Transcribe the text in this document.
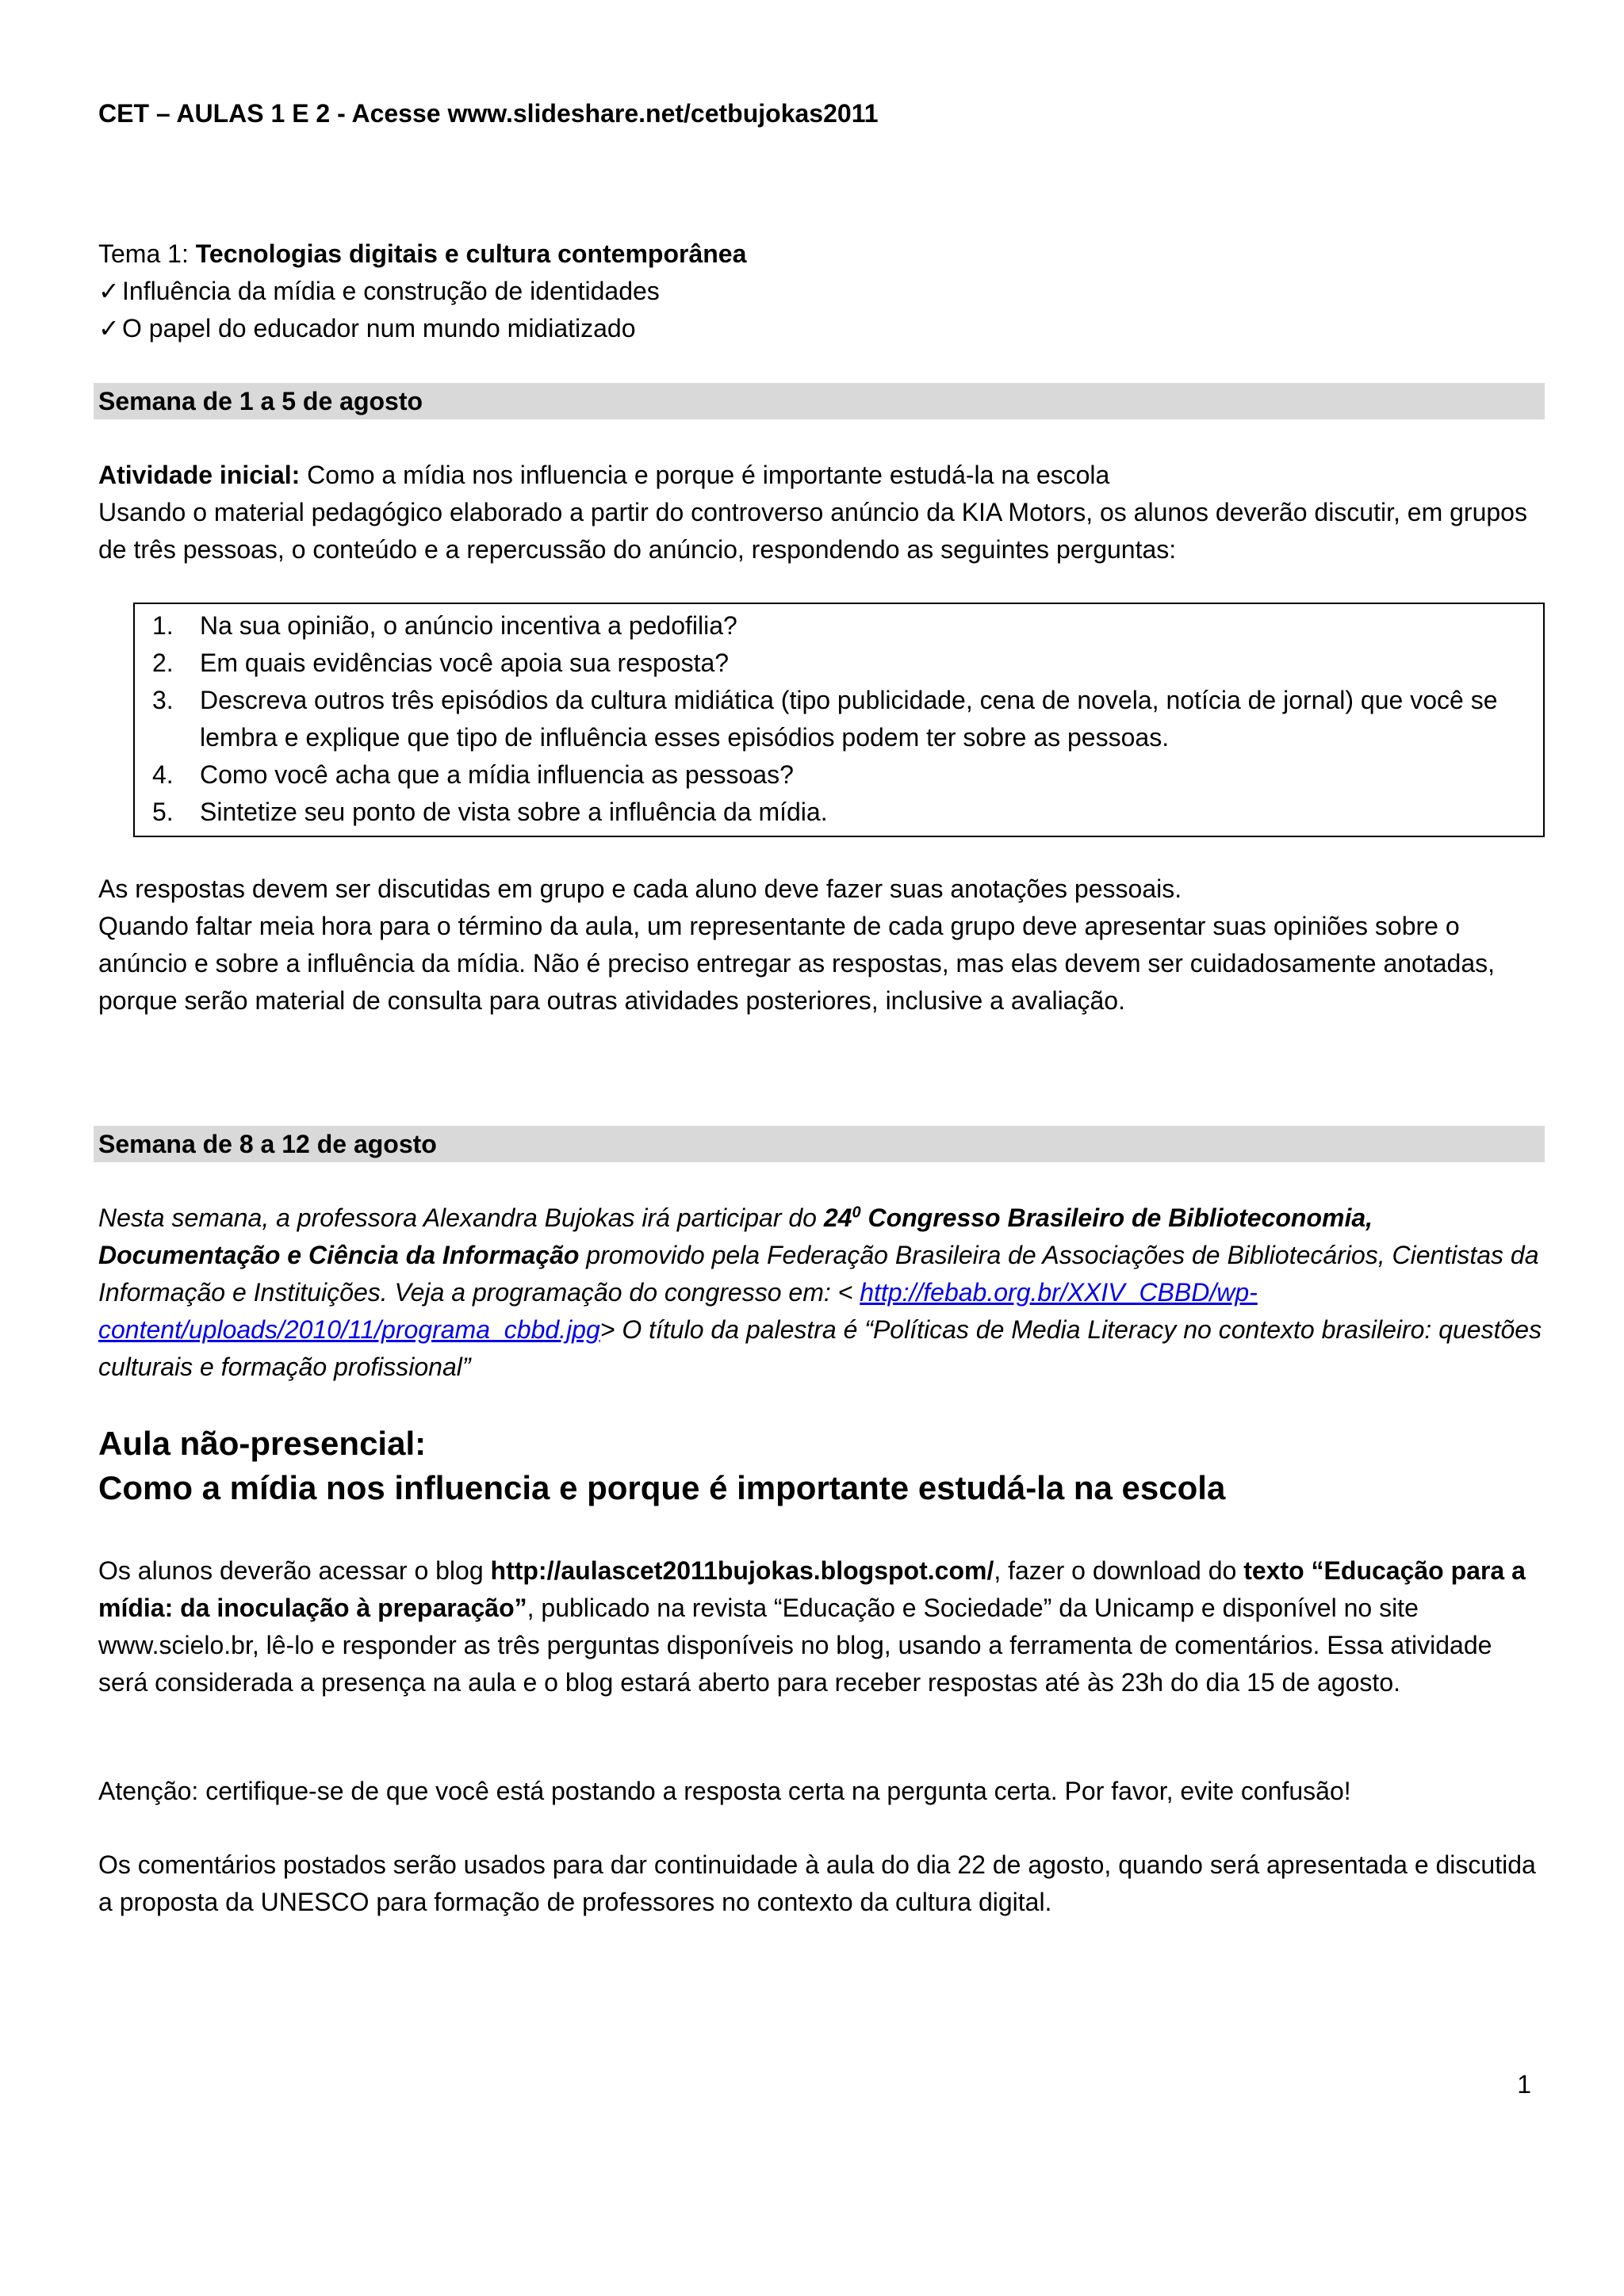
CET – AULAS 1 E 2 - Acesse www.slideshare.net/cetbujokas2011

Tema 1: Tecnologias digitais e cultura contemporânea

✓Influência da mídia e construção de identidades

✓O papel do educador num mundo midiatizado

Semana de 1 a 5 de agosto

Atividade inicial: Como a mídia nos influencia e porque é importante estudá-la na escola

Usando o material pedagógico elaborado a partir do controverso anúncio da KIA Motors, os alunos deverão discutir, em grupos de três pessoas, o conteúdo e a repercussão do anúncio, respondendo as seguintes perguntas:

1. Na sua opinião, o anúncio incentiva a pedofilia?
2. Em quais evidências você apoia sua resposta?
3. Descreva outros três episódios da cultura midiática (tipo publicidade, cena de novela, notícia de jornal) que você se lembra e explique que tipo de influência esses episódios podem ter sobre as pessoas.
4. Como você acha que a mídia influencia as pessoas?
5. Sintetize seu ponto de vista sobre a influência da mídia.

As respostas devem ser discutidas em grupo e cada aluno deve fazer suas anotações pessoais.

Quando faltar meia hora para o término da aula, um representante de cada grupo deve apresentar suas opiniões sobre o anúncio e sobre a influência da mídia. Não é preciso entregar as respostas, mas elas devem ser cuidadosamente anotadas, porque serão material de consulta para outras atividades posteriores, inclusive a avaliação.

Semana de 8 a 12 de agosto

Nesta semana, a professora Alexandra Bujokas irá participar do $24^0$ Congresso Brasileiro de Biblioteconomia, Documentação e Ciência da Informação promovido pela Federação Brasileira de Associações de Bibliotecários, Cientistas da Informação e Instituições. Veja a programação do congresso em: < http://febab.org.br/XXIV_CBBD/wp-content/uploads/2010/11/programa_cbbd.jpg> O título da palestra é “Políticas de Media Literacy no contexto brasileiro: questões culturais e formação profissional”

Aula não-presencial:

Como a mídia nos influencia e porque é importante estudá-la na escola

Os alunos deverão acessar o blog http://aulascet2011bujokas.blogspot.com/, fazer o download do texto “Educação para a mídia: da inoculação à preparação”, publicado na revista “Educação e Sociedade” da Unicamp e disponível no site www.scielo.br, lê-lo e responder as três perguntas disponíveis no blog, usando a ferramenta de comentários. Essa atividade será considerada a presença na aula e o blog estará aberto para receber respostas até às 23h do dia 15 de agosto.

Atenção: certifique-se de que você está postando a resposta certa na pergunta certa. Por favor, evite confusão!

Os comentários postados serão usados para dar continuidade à aula do dia 22 de agosto, quando será apresentada e discutida a proposta da UNESCO para formação de professores no contexto da cultura digital.

1
